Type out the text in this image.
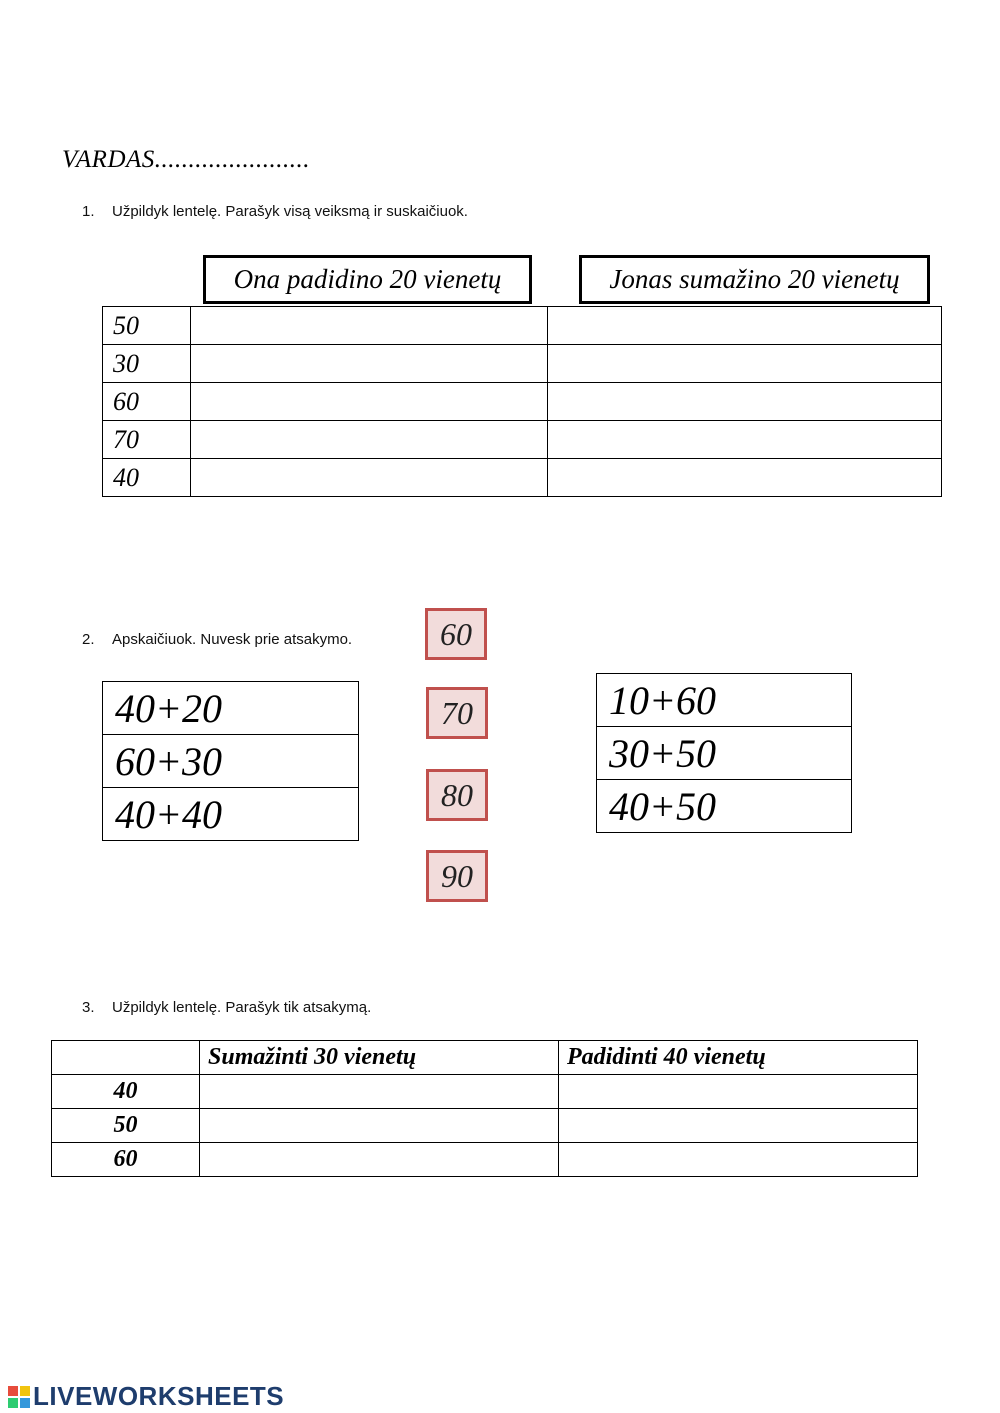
VARDAS.......................
1. Užpildyk lentelę. Parašyk visą veiksmą ir suskaičiuok.
Ona padidino 20 vienetų	Jonas sumažino 20 vienetų
50		
30		
60		
70		
40		
2. Apskaičiuok. Nuvesk prie atsakymo.
40+20
60+30
40+40
60
70
80
90
10+60
30+50
40+50
3. Užpildyk lentelę. Parašyk tik atsakymą.
	Sumažinti 30 vienetų	Padidinti 40 vienetų
40		
50		
60		
LIVEWORKSHEETS
